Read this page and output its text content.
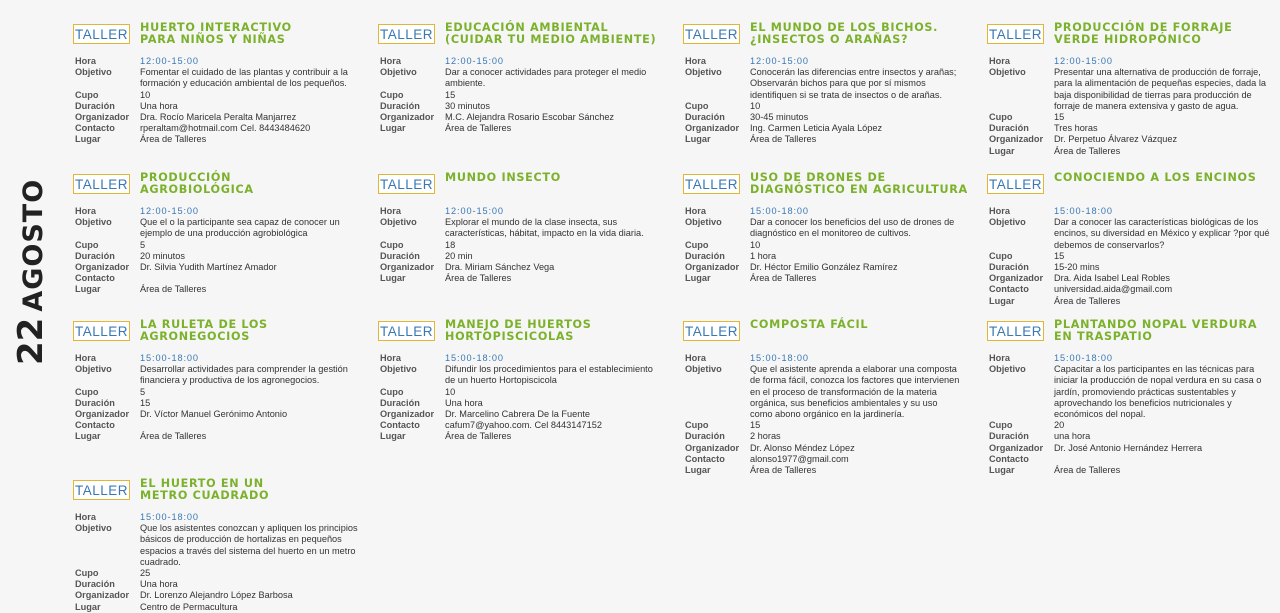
22AGOSTO
TALLER HUERTO INTERACTIVO
PARA NIÑOS Y NIÑAS
Hora	12:00-15:00
Objetivo	Fomentar el cuidado de las plantas y contribuir a la
formación y educación ambiental de los pequeños.
Cupo	10
Duración	Una hora
Organizador	Dra. Rocío Maricela Peralta Manjarrez
Contacto	rperaltam@hotmail.com Cel. 8443484620
Lugar	Área de Talleres
TALLER EDUCACIÓN AMBIENTAL
(CUIDAR TU MEDIO AMBIENTE)
Hora	12:00-15:00
Objetivo	Dar a conocer actividades para proteger el medio
ambiente.
Cupo	15
Duración	30 minutos
Organizador	M.C. Alejandra Rosario Escobar Sánchez
Lugar	Área de Talleres
TALLER EL MUNDO DE LOS BICHOS.
¿INSECTOS O ARAÑAS?
Hora	12:00-15:00
Objetivo	Conocerán las diferencias entre insectos y arañas;
Observarán bichos para que por sí mismos
identifiquen si se trata de insectos o de arañas.
Cupo	10
Duración	30-45 minutos
Organizador	Ing. Carmen Leticia Ayala López
Lugar	Área de Talleres
TALLER PRODUCCIÓN DE FORRAJE
VERDE HIDROPÓNICO
Hora	12:00-15:00
Objetivo	Presentar una alternativa de producción de forraje,
para la alimentación de pequeñas especies, dada la
baja disponibilidad de tierras para producción de
forraje de manera extensiva y gasto de agua.
Cupo	15
Duración	Tres horas
Organizador	Dr. Perpetuo Álvarez Vázquez
Lugar	Área de Talleres
TALLER PRODUCCIÓN
AGROBIOLÓGICA
Hora	12:00-15:00
Objetivo	Que el o la participante sea capaz de conocer un
ejemplo de una producción agrobiológica
Cupo	5
Duración	20 minutos
Organizador	Dr. Silvia Yudith Martínez Amador
Contacto

Lugar	Área de Talleres
TALLER MUNDO INSECTO
Hora	12:00-15:00
Objetivo	Explorar el mundo de la clase insecta, sus
características, hábitat, impacto en la vida diaria.
Cupo	18
Duración	20 min
Organizador	Dra. Miriam Sánchez Vega
Lugar	Área de Talleres
TALLER USO DE DRONES DE
DIAGNÓSTICO EN AGRICULTURA
Hora	15:00-18:00
Objetivo	Dar a conocer los beneficios del uso de drones de
diagnóstico en el monitoreo de cultivos.
Cupo	10
Duración	1 hora
Organizador	Dr. Héctor Emilio González Ramírez
Lugar	Área de Talleres
TALLER CONOCIENDO A LOS ENCINOS
Hora	15:00-18:00
Objetivo	Dar a conocer las características biológicas de los
encinos, su diversidad en México y explicar ?por qué
debemos de conservarlos?
Cupo	15
Duración	15-20 mins
Organizador	Dra. Aida Isabel Leal Robles
Contacto	universidad.aida@gmail.com
Lugar	Área de Talleres
TALLER LA RULETA DE LOS
AGRONEGOCIOS
Hora	15:00-18:00
Objetivo	Desarrollar actividades para comprender la gestión
financiera y productiva de los agronegocios.
Cupo	5
Duración	15
Organizador	Dr. Víctor Manuel Gerónimo Antonio
Contacto

Lugar	Área de Talleres
TALLER MANEJO DE HUERTOS
HORTOPISCICOLAS
Hora	15:00-18:00
Objetivo	Difundir los procedimientos para el establecimiento
de un huerto Hortopiscicola
Cupo	10
Duración	Una hora
Organizador	Dr. Marcelino Cabrera De la Fuente
Contacto	cafum7@yahoo.com. Cel 8443147152
Lugar	Área de Talleres
TALLER COMPOSTA FÁCIL
Hora	15:00-18:00
Objetivo	Que el asistente aprenda a elaborar una composta
de forma fácil, conozca los factores que intervienen
en el proceso de transformación de la materia
orgánica, sus beneficios ambientales y su uso
como abono orgánico en la jardinería.
Cupo	15
Duración	2 horas
Organizador	Dr. Alonso Méndez López
Contacto	alonso1977@gmail.com
Lugar	Área de Talleres
TALLER PLANTANDO NOPAL VERDURA
EN TRASPATIO
Hora	15:00-18:00
Objetivo	Capacitar a los participantes en las técnicas para
iniciar la producción de nopal verdura en su casa o
jardín, promoviendo prácticas sustentables y
aprovechando los beneficios nutricionales y
económicos del nopal.
Cupo	20
Duración	una hora
Organizador	Dr. José Antonio Hernández Herrera
Contacto

Lugar	Área de Talleres
TALLER EL HUERTO EN UN
METRO CUADRADO
Hora	15:00-18:00
Objetivo	Que los asistentes conozcan y apliquen los principios
básicos de producción de hortalizas en pequeños
espacios a través del sistema del huerto en un metro
cuadrado.
Cupo	25
Duración	Una hora
Organizador	Dr. Lorenzo Alejandro López Barbosa
Lugar	Centro de Permacultura
